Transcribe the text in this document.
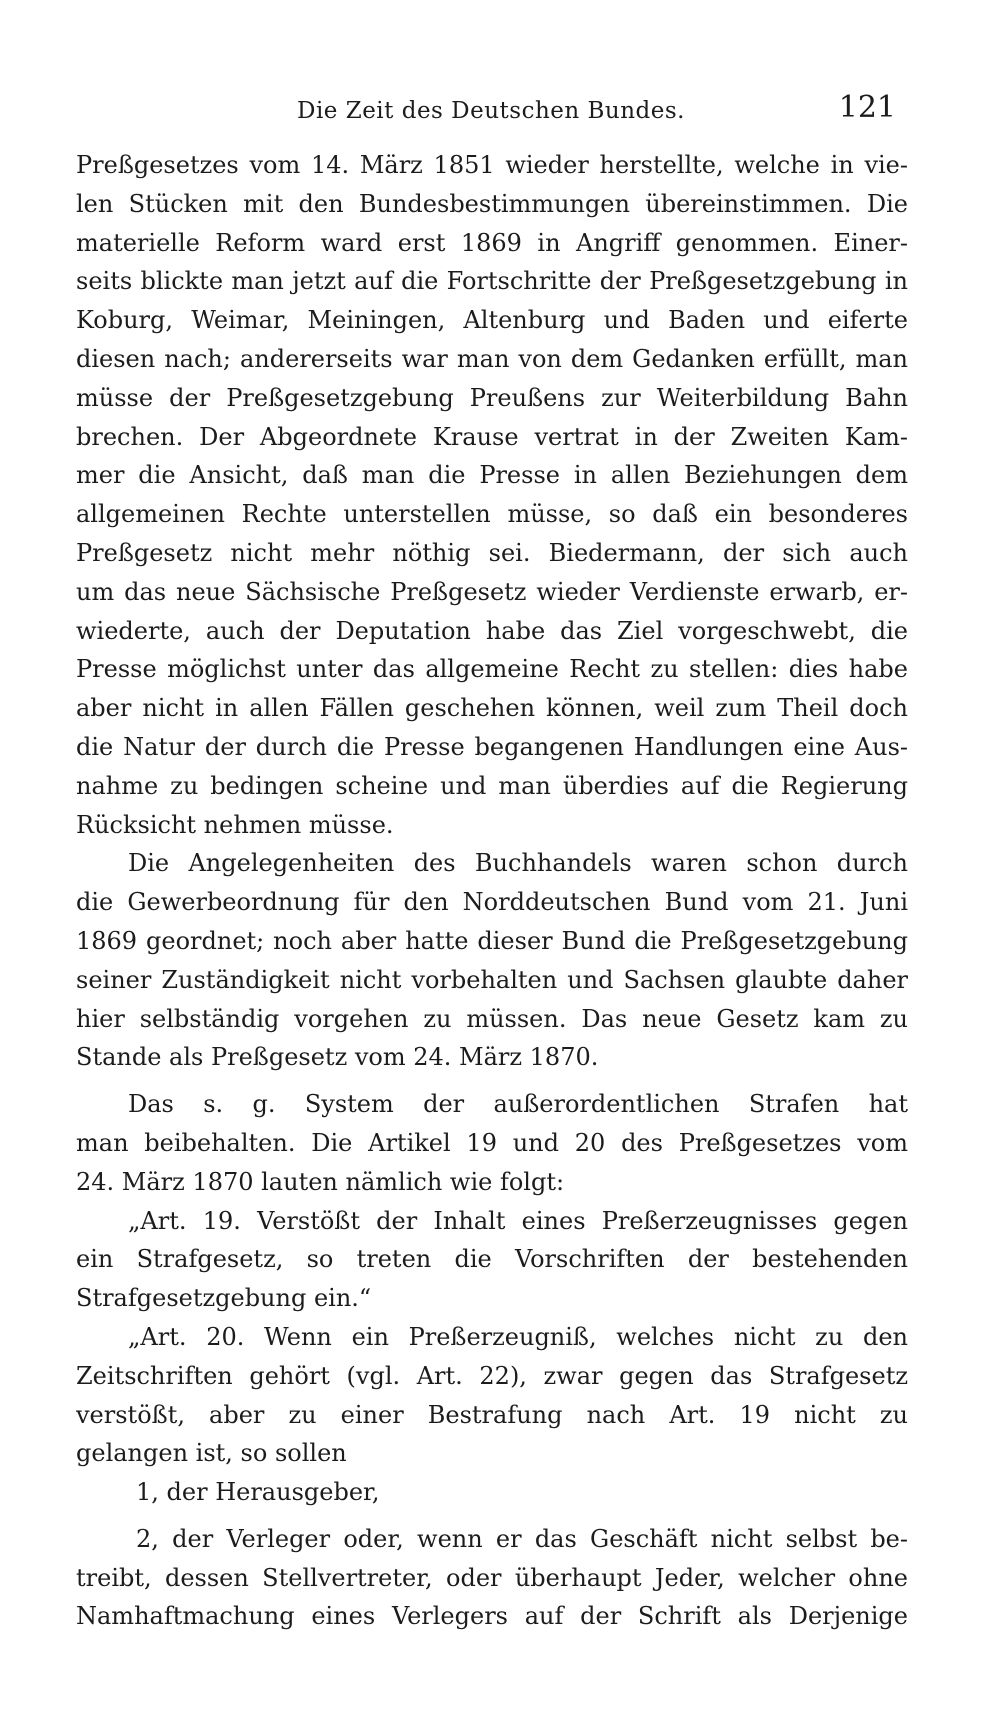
Die Zeit des Deutschen Bundes.	121
Preßgesetzes vom 14. März 1851 wieder herstellte, welche in vie-
len Stücken mit den Bundesbestimmungen übereinstimmen. Die
materielle Reform ward erst 1869 in Angriff genommen. Einer-
seits blickte man jetzt auf die Fortschritte der Preßgesetzgebung in
Koburg, Weimar, Meiningen, Altenburg und Baden und eiferte
diesen nach; andererseits war man von dem Gedanken erfüllt, man
müsse der Preßgesetzgebung Preußens zur Weiterbildung Bahn
brechen. Der Abgeordnete Krause vertrat in der Zweiten Kam-
mer die Ansicht, daß man die Presse in allen Beziehungen dem
allgemeinen Rechte unterstellen müsse, so daß ein besonderes
Preßgesetz nicht mehr nöthig sei. Biedermann, der sich auch
um das neue Sächsische Preßgesetz wieder Verdienste erwarb, er-
wiederte, auch der Deputation habe das Ziel vorgeschwebt, die
Presse möglichst unter das allgemeine Recht zu stellen: dies habe
aber nicht in allen Fällen geschehen können, weil zum Theil doch
die Natur der durch die Presse begangenen Handlungen eine Aus-
nahme zu bedingen scheine und man überdies auf die Regierung
Rücksicht nehmen müsse.
Die Angelegenheiten des Buchhandels waren schon durch
die Gewerbeordnung für den Norddeutschen Bund vom 21. Juni
1869 geordnet; noch aber hatte dieser Bund die Preßgesetzgebung
seiner Zuständigkeit nicht vorbehalten und Sachsen glaubte daher
hier selbständig vorgehen zu müssen. Das neue Gesetz kam zu
Stande als Preßgesetz vom 24. März 1870.
Das s. g. System der außerordentlichen Strafen hat
man beibehalten. Die Artikel 19 und 20 des Preßgesetzes vom
24. März 1870 lauten nämlich wie folgt:
„Art. 19. Verstößt der Inhalt eines Preßerzeugnisses gegen
ein Strafgesetz, so treten die Vorschriften der bestehenden
Strafgesetzgebung ein.“
„Art. 20. Wenn ein Preßerzeugniß, welches nicht zu den
Zeitschriften gehört (vgl. Art. 22), zwar gegen das Strafgesetz
verstößt, aber zu einer Bestrafung nach Art. 19 nicht zu
gelangen ist, so sollen
1, der Herausgeber,
2, der Verleger oder, wenn er das Geschäft nicht selbst be-
treibt, dessen Stellvertreter, oder überhaupt Jeder, welcher ohne
Namhaftmachung eines Verlegers auf der Schrift als Derjenige
